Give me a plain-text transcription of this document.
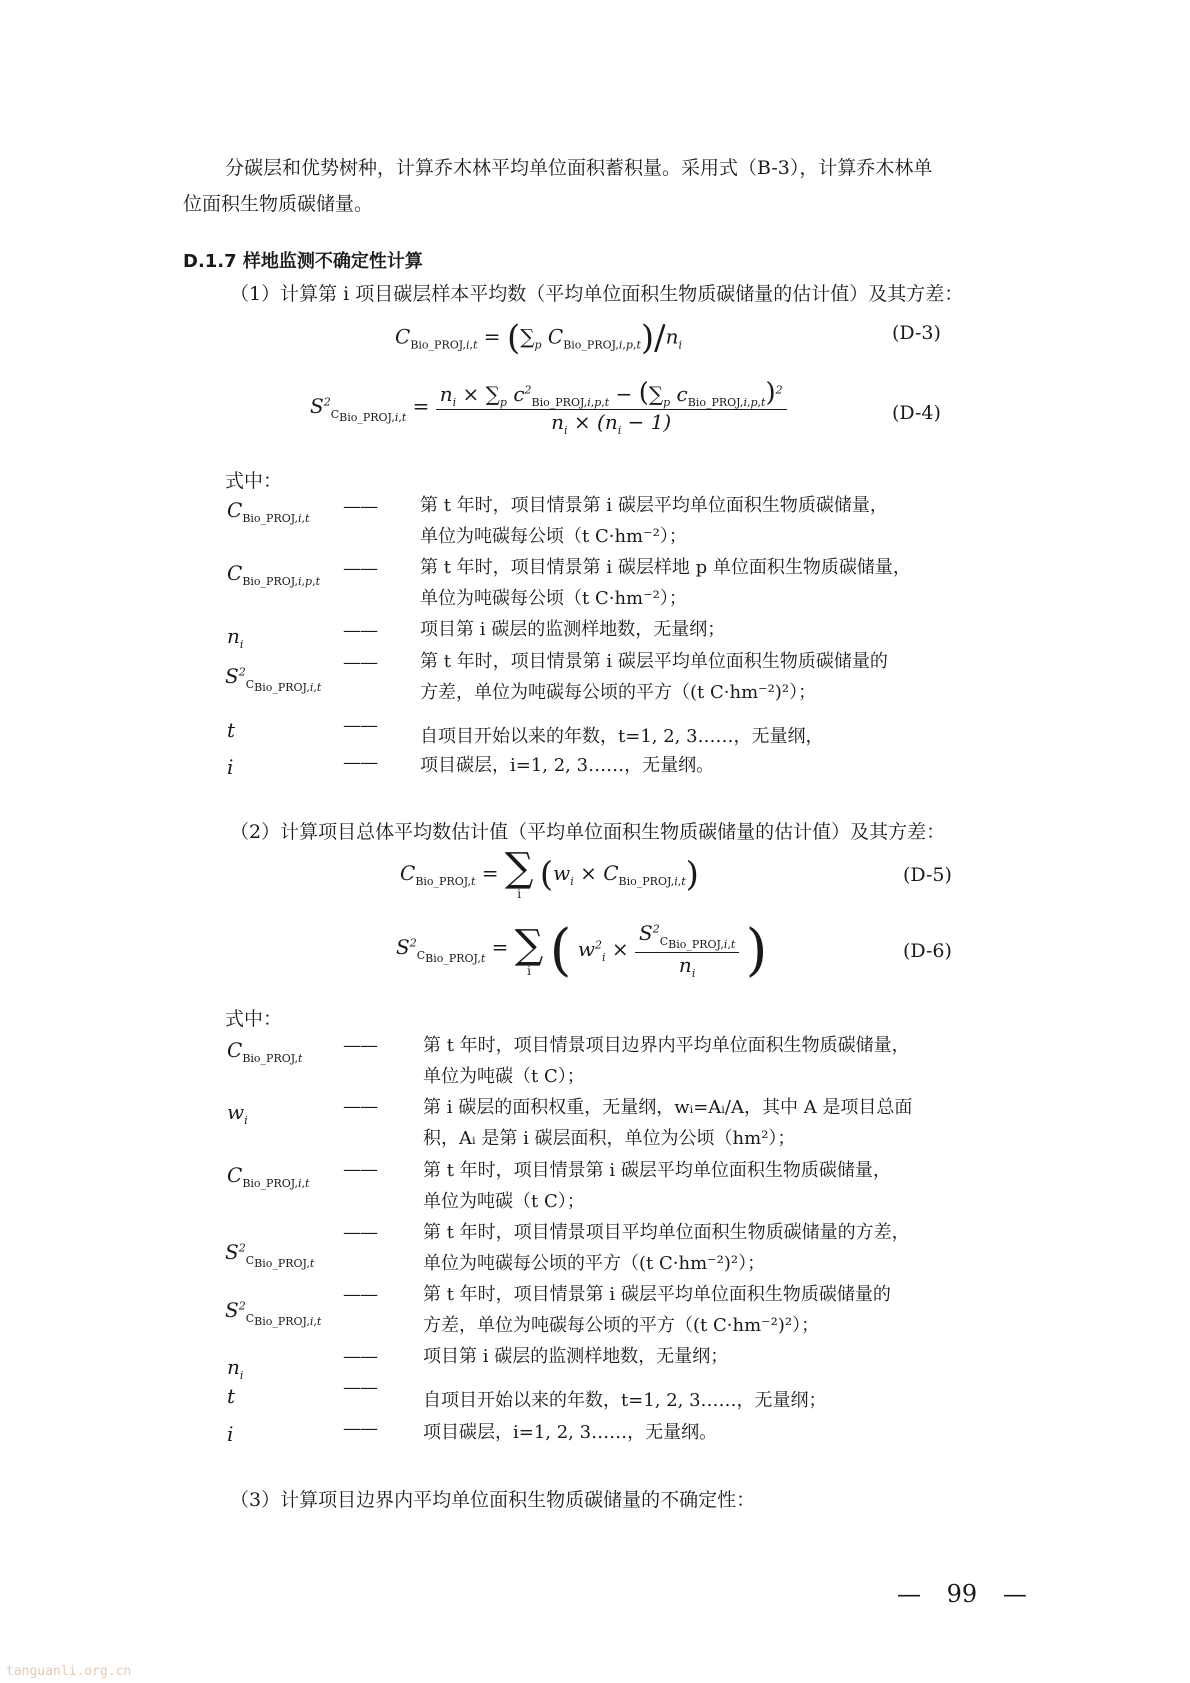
分碳层和优势树种，计算乔木林平均单位面积蓄积量。采用式（B-3），计算乔木林单
位面积生物质碳储量。
D.1.7 样地监测不确定性计算
（1）计算第 i 项目碳层样本平均数（平均单位面积生物质碳储量的估计值）及其方差：
$C_{Bio\_PROJ,i,t} = (\sum_p$ $C_{Bio\_PROJ,i,p,t})/n_i$
(D-3)
$S^2_{C_{Bio\_PROJ,i,t}} = \frac{n_i \times \sum_p c^2_{Bio\_PROJ,i,p,t} - (\sum_p c_{Bio\_PROJ,i,p,t})^2}{n_i \times (n_i - 1)}$	(D-4)
式中：
$C_{Bio\_PROJ,i,t}$
—— 第 t 年时，项目情景第 i 碳层平均单位面积生物质碳储量，
单位为吨碳每公顷（t C·hm⁻²）；
$C_{Bio\_PROJ,i,p,t}$
—— 第 t 年时，项目情景第 i 碳层样地 p 单位面积生物质碳储量，
单位为吨碳每公顷（t C·hm⁻²）；
$n_i$
—— 项目第 i 碳层的监测样地数，无量纲；
$S^2_{C_{Bio\_PROJ,i,t}}$
—— 第 t 年时，项目情景第 i 碳层平均单位面积生物质碳储量的
方差，单位为吨碳每公顷的平方（(t C·hm⁻²)²）；
t	——
自项目开始以来的年数，t=1, 2, 3……，无量纲，
i	—— 项目碳层，i=1, 2, 3……，无量纲。
（2）计算项目总体平均数估计值（平均单位面积生物质碳储量的估计值）及其方差：
$C_{Bio\_PROJ,t}$ = ∑
i $(w_i \times C_{Bio\_PROJ,i,t})$	(D-5)
$S^2_{C_{Bio\_PROJ,t}}$ = ∑
i ( $w^2_i \times \frac{S^2_{C_{Bio\_PROJ,i,t}}}{n_i}$ )	(D-6)
式中：
$C_{Bio\_PROJ,t}$
——	第 t 年时，项目情景项目边界内平均单位面积生物质碳储量，
单位为吨碳（t C）；
$w_i$
——	第 i 碳层的面积权重，无量纲，wᵢ=Aᵢ/A，其中 A 是项目总面
积，Aᵢ 是第 i 碳层面积，单位为公顷（hm²）；
$C_{Bio\_PROJ,i,t}$
——	第 t 年时，项目情景第 i 碳层平均单位面积生物质碳储量，
单位为吨碳（t C）；
$S^2_{C_{Bio\_PROJ,t}}$
——	第 t 年时，项目情景项目平均单位面积生物质碳储量的方差，
单位为吨碳每公顷的平方（(t C·hm⁻²)²）；
$S^2_{C_{Bio\_PROJ,i,t}}$
——	第 t 年时，项目情景第 i 碳层平均单位面积生物质碳储量的
方差，单位为吨碳每公顷的平方（(t C·hm⁻²)²）；
$n_i$
——	项目第 i 碳层的监测样地数，无量纲；
t	——
自项目开始以来的年数，t=1, 2, 3……，无量纲；
i	——	项目碳层，i=1, 2, 3……，无量纲。
（3）计算项目边界内平均单位面积生物质碳储量的不确定性：
— 99 —
tanguanli.org.cn
